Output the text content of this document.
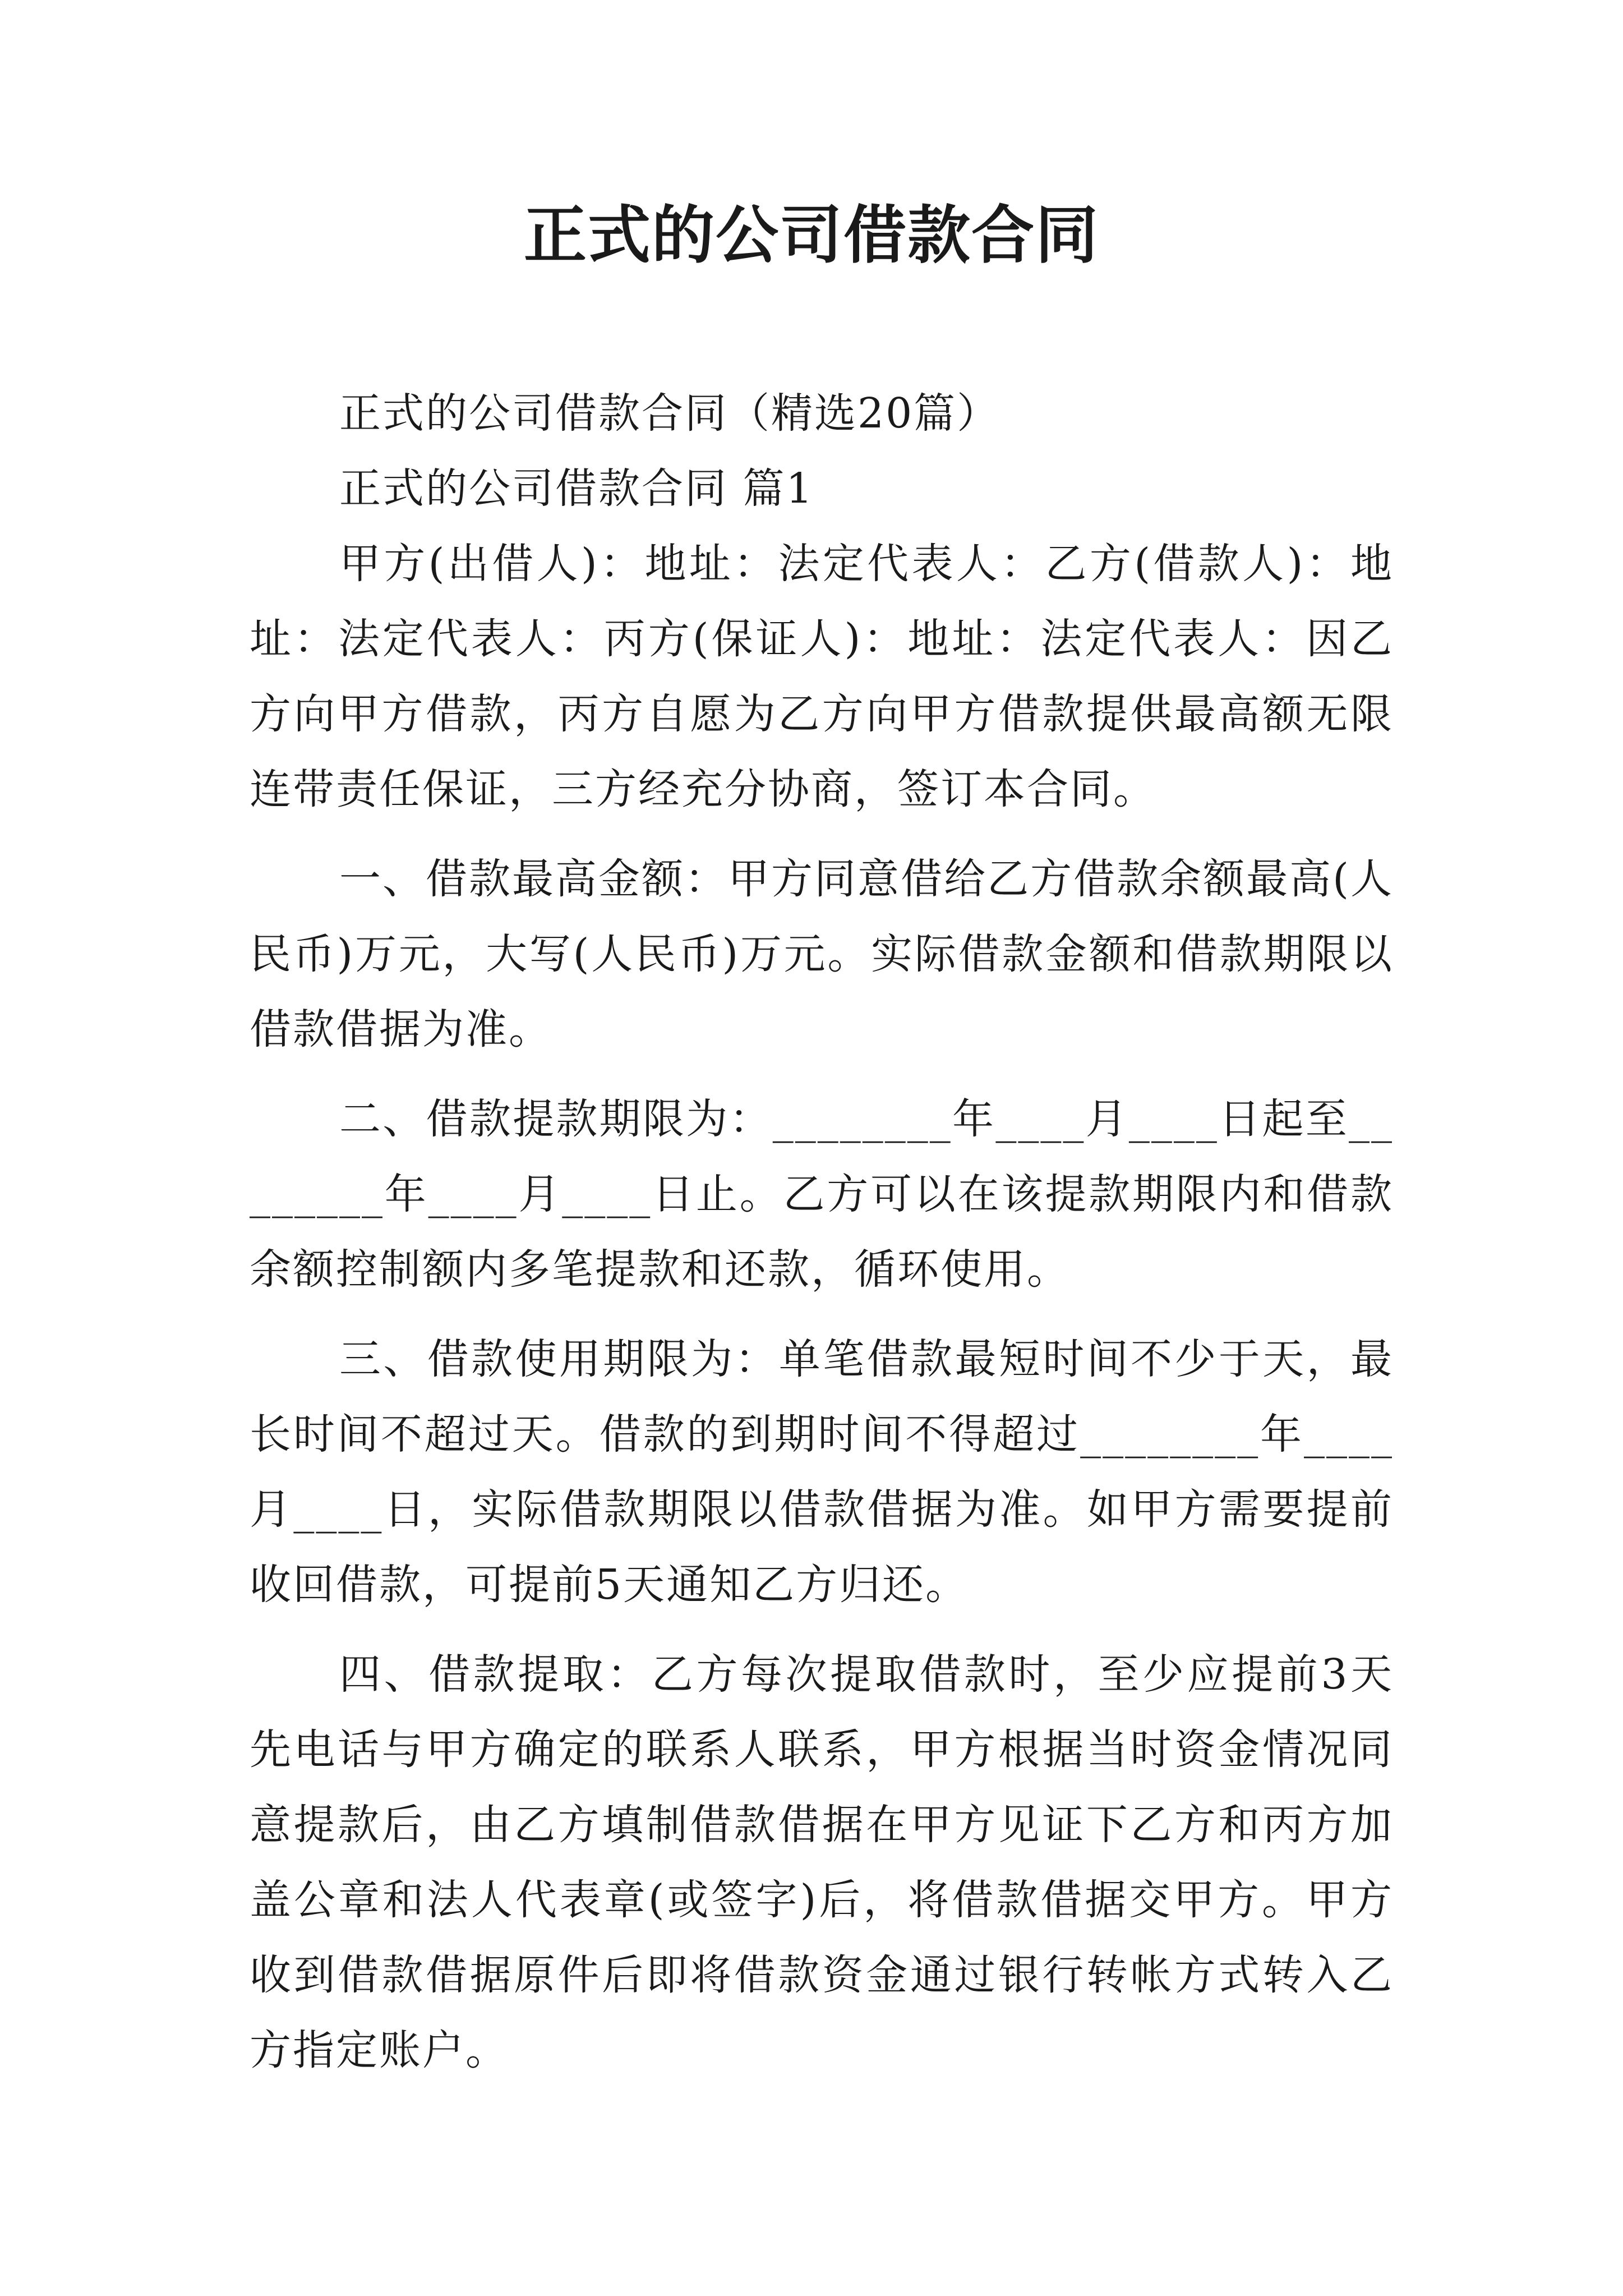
正式的公司借款合同

正式的公司借款合同（精选20篇）

正式的公司借款合同 篇1

甲方(出借人)：地址：法定代表人：乙方(借款人)：地址：法定代表人：丙方(保证人)：地址：法定代表人：因乙方向甲方借款，丙方自愿为乙方向甲方借款提供最高额无限连带责任保证，三方经充分协商，签订本合同。

一、借款最高金额：甲方同意借给乙方借款余额最高(人民币)万元，大写(人民币)万元。实际借款金额和借款期限以借款借据为准。

二、借款提款期限为：________年____月____日起至________年____月____日止。乙方可以在该提款期限内和借款余额控制额内多笔提款和还款，循环使用。

三、借款使用期限为：单笔借款最短时间不少于天，最长时间不超过天。借款的到期时间不得超过________年____月____日，实际借款期限以借款借据为准。如甲方需要提前收回借款，可提前5天通知乙方归还。

四、借款提取：乙方每次提取借款时，至少应提前3天先电话与甲方确定的联系人联系，甲方根据当时资金情况同意提款后，由乙方填制借款借据在甲方见证下乙方和丙方加盖公章和法人代表章(或签字)后，将借款借据交甲方。甲方收到借款借据原件后即将借款资金通过银行转帐方式转入乙方指定账户。
